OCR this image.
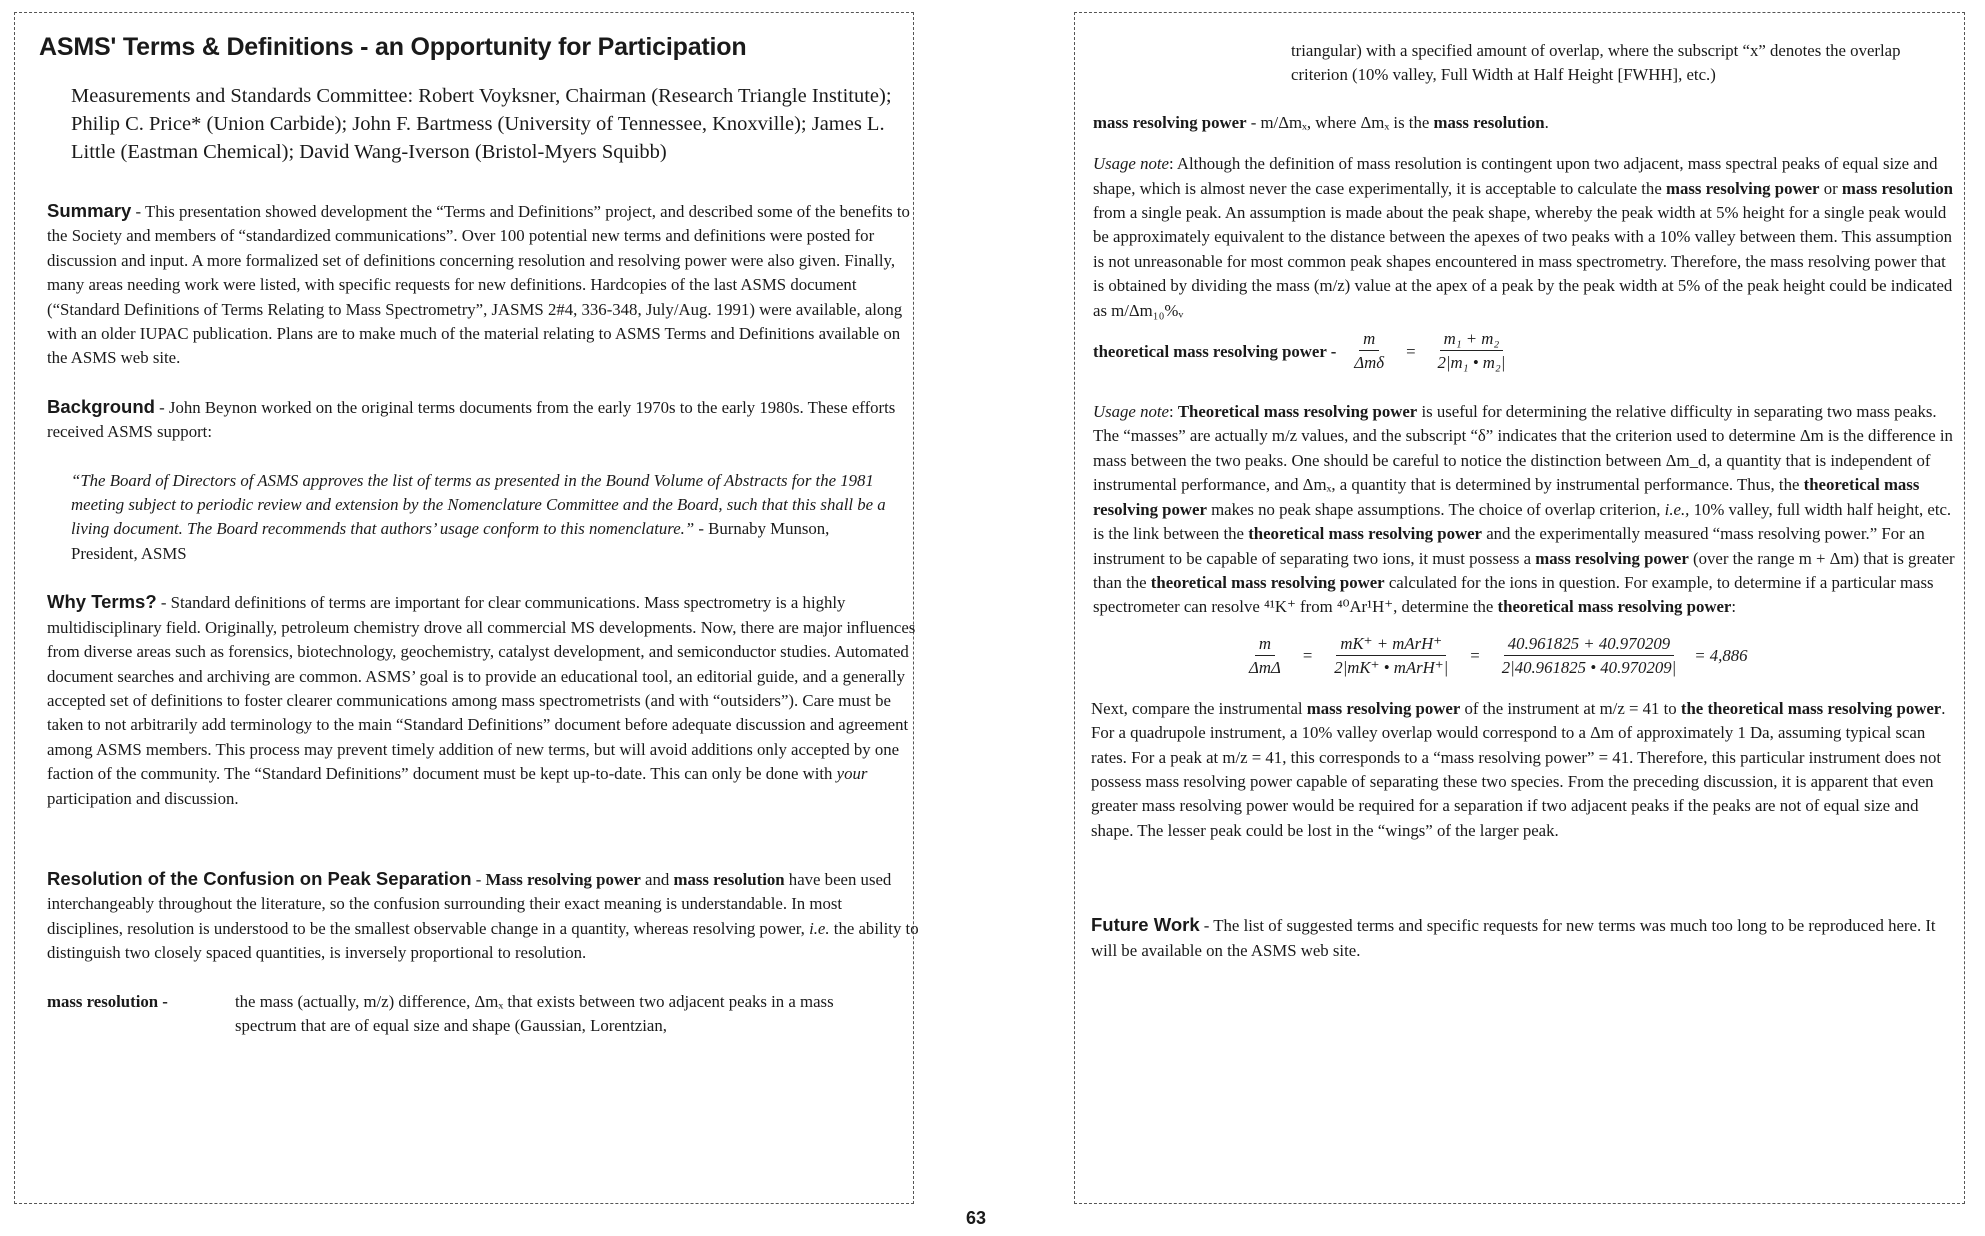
ASMS' Terms & Definitions - an Opportunity for Participation
Measurements and Standards Committee: Robert Voyksner, Chairman (Research Triangle Institute); Philip C. Price* (Union Carbide); John F. Bartmess (University of Tennessee, Knoxville); James L. Little (Eastman Chemical); David Wang-Iverson (Bristol-Myers Squibb)
Summary - This presentation showed development the “Terms and Definitions” project, and described some of the benefits to the Society and members of “standardized communications”. Over 100 potential new terms and definitions were posted for discussion and input. A more formalized set of definitions concerning resolution and resolving power were also given. Finally, many areas needing work were listed, with specific requests for new definitions. Hardcopies of the last ASMS document (“Standard Definitions of Terms Relating to Mass Spectrometry”, JASMS 2#4, 336-348, July/Aug. 1991) were available, along with an older IUPAC publication. Plans are to make much of the material relating to ASMS Terms and Definitions available on the ASMS web site.
Background - John Beynon worked on the original terms documents from the early 1970s to the early 1980s. These efforts received ASMS support:
“The Board of Directors of ASMS approves the list of terms as presented in the Bound Volume of Abstracts for the 1981 meeting subject to periodic review and extension by the Nomenclature Committee and the Board, such that this shall be a living document. The Board recommends that authors’ usage conform to this nomenclature.” - Burnaby Munson, President, ASMS
Why Terms? - Standard definitions of terms are important for clear communications. Mass spectrometry is a highly multidisciplinary field. Originally, petroleum chemistry drove all commercial MS developments. Now, there are major influences from diverse areas such as forensics, biotechnology, geochemistry, catalyst development, and semiconductor studies. Automated document searches and archiving are common. ASMS’ goal is to provide an educational tool, an editorial guide, and a generally accepted set of definitions to foster clearer communications among mass spectrometrists (and with “outsiders”). Care must be taken to not arbitrarily add terminology to the main “Standard Definitions” document before adequate discussion and agreement among ASMS members. This process may prevent timely addition of new terms, but will avoid additions only accepted by one faction of the community. The “Standard Definitions” document must be kept up-to-date. This can only be done with your participation and discussion.
Resolution of the Confusion on Peak Separation - Mass resolving power and mass resolution have been used interchangeably throughout the literature, so the confusion surrounding their exact meaning is understandable. In most disciplines, resolution is understood to be the smallest observable change in a quantity, whereas resolving power, i.e. the ability to distinguish two closely spaced quantities, is inversely proportional to resolution.
mass resolution -	the mass (actually, m/z) difference, Δmₓ that exists between two adjacent peaks in a mass spectrum that are of equal size and shape (Gaussian, Lorentzian,
triangular) with a specified amount of overlap, where the subscript “x” denotes the overlap criterion (10% valley, Full Width at Half Height [FWHH], etc.)
mass resolving power - m/Δmₓ, where Δmₓ is the mass resolution.
Usage note: Although the definition of mass resolution is contingent upon two adjacent, mass spectral peaks of equal size and shape, which is almost never the case experimentally, it is acceptable to calculate the mass resolving power or mass resolution from a single peak. An assumption is made about the peak shape, whereby the peak width at 5% height for a single peak would be approximately equivalent to the distance between the apexes of two peaks with a 10% valley between them. This assumption is not unreasonable for most common peak shapes encountered in mass spectrometry. Therefore, the mass resolving power that is obtained by dividing the mass (m/z) value at the apex of a peak by the peak width at 5% of the peak height could be indicated as m/Δm₁₀%ᵥ
theoretical mass resolving power - $\frac{m}{\text{Δmδ}} = \frac{\text{m₁ + m₂}}{\text{2|m₁ • m₂|}}$
Usage note: Theoretical mass resolving power is useful for determining the relative difficulty in separating two mass peaks. The “masses” are actually m/z values, and the subscript “δ” indicates that the criterion used to determine Δm is the difference in mass between the two peaks. One should be careful to notice the distinction between Δm_d, a quantity that is independent of instrumental performance, and Δmₓ, a quantity that is determined by instrumental performance. Thus, the theoretical mass resolving power makes no peak shape assumptions. The choice of overlap criterion, i.e., 10% valley, full width half height, etc. is the link between the theoretical mass resolving power and the experimentally measured “mass resolving power.” For an instrument to be capable of separating two ions, it must possess a mass resolving power (over the range m + Δm) that is greater than the theoretical mass resolving power calculated for the ions in question. For example, to determine if a particular mass spectrometer can resolve ⁴¹K⁺ from ⁴⁰Ar¹H⁺, determine the theoretical mass resolving power:
$\frac{m}{\text{ΔmΔ}} = \frac{\text{mK⁺ + mArH⁺}}{\text{2|mK⁺ • mArH⁺|}} = \frac{40.961825 + 40.970209}{2|40.961825 • 40.970209|} = 4,886$
Next, compare the instrumental mass resolving power of the instrument at m/z = 41 to the theoretical mass resolving power. For a quadrupole instrument, a 10% valley overlap would correspond to a Δm of approximately 1 Da, assuming typical scan rates. For a peak at m/z = 41, this corresponds to a “mass resolving power” = 41. Therefore, this particular instrument does not possess mass resolving power capable of separating these two species. From the preceding discussion, it is apparent that even greater mass resolving power would be required for a separation if two adjacent peaks if the peaks are not of equal size and shape. The lesser peak could be lost in the “wings” of the larger peak.
Future Work - The list of suggested terms and specific requests for new terms was much too long to be reproduced here. It will be available on the ASMS web site.
63
